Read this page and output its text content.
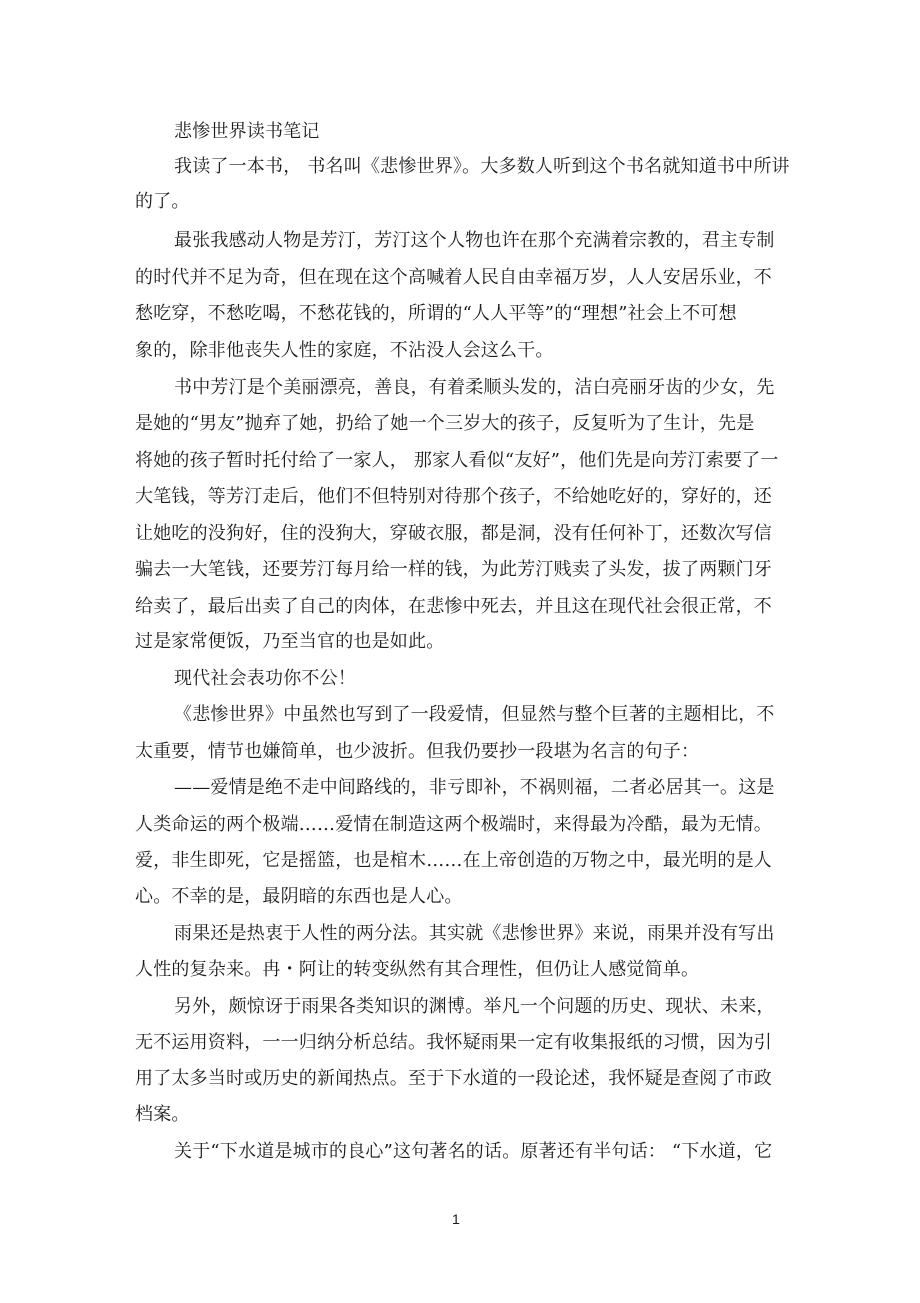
悲惨世界读书笔记
我读了一本书， 书名叫《悲惨世界》。大多数人听到这个书名就知道书中所讲
的了。
最张我感动人物是芳汀，芳汀这个人物也许在那个充满着宗教的，君主专制
的时代并不足为奇，但在现在这个高喊着人民自由幸福万岁，人人安居乐业，不
愁吃穿，不愁吃喝，不愁花钱的，所谓的“人人平等”的“理想”社会上不可想
象的，除非他丧失人性的家庭，不沾没人会这么干。
书中芳汀是个美丽漂亮，善良，有着柔顺头发的，洁白亮丽牙齿的少女，先
是她的“男友”抛弃了她，扔给了她一个三岁大的孩子，反复听为了生计，先是
将她的孩子暂时托付给了一家人， 那家人看似“友好”，他们先是向芳汀索要了一
大笔钱，等芳汀走后，他们不但特别对待那个孩子，不给她吃好的，穿好的，还
让她吃的没狗好，住的没狗大，穿破衣服，都是洞，没有任何补丁，还数次写信
骗去一大笔钱，还要芳汀每月给一样的钱，为此芳汀贱卖了头发，拔了两颗门牙
给卖了，最后出卖了自己的肉体，在悲惨中死去，并且这在现代社会很正常，不
过是家常便饭，乃至当官的也是如此。
现代社会表功你不公！
《悲惨世界》中虽然也写到了一段爱情，但显然与整个巨著的主题相比，不
太重要，情节也嫌简单，也少波折。但我仍要抄一段堪为名言的句子：
——爱情是绝不走中间路线的，非亏即补，不祸则福，二者必居其一。这是
人类命运的两个极端……爱情在制造这两个极端时，来得最为冷酷，最为无情。
爱，非生即死，它是摇篮，也是棺木……在上帝创造的万物之中，最光明的是人
心。不幸的是，最阴暗的东西也是人心。
雨果还是热衷于人性的两分法。其实就《悲惨世界》来说，雨果并没有写出
人性的复杂来。冉・阿让的转变纵然有其合理性，但仍让人感觉简单。
另外，颇惊讶于雨果各类知识的渊博。举凡一个问题的历史、现状、未来，
无不运用资料，一一归纳分析总结。我怀疑雨果一定有收集报纸的习惯，因为引
用了太多当时或历史的新闻热点。至于下水道的一段论述，我怀疑是查阅了市政
档案。
关于“下水道是城市的良心”这句著名的话。原著还有半句话： “下水道，它
1
